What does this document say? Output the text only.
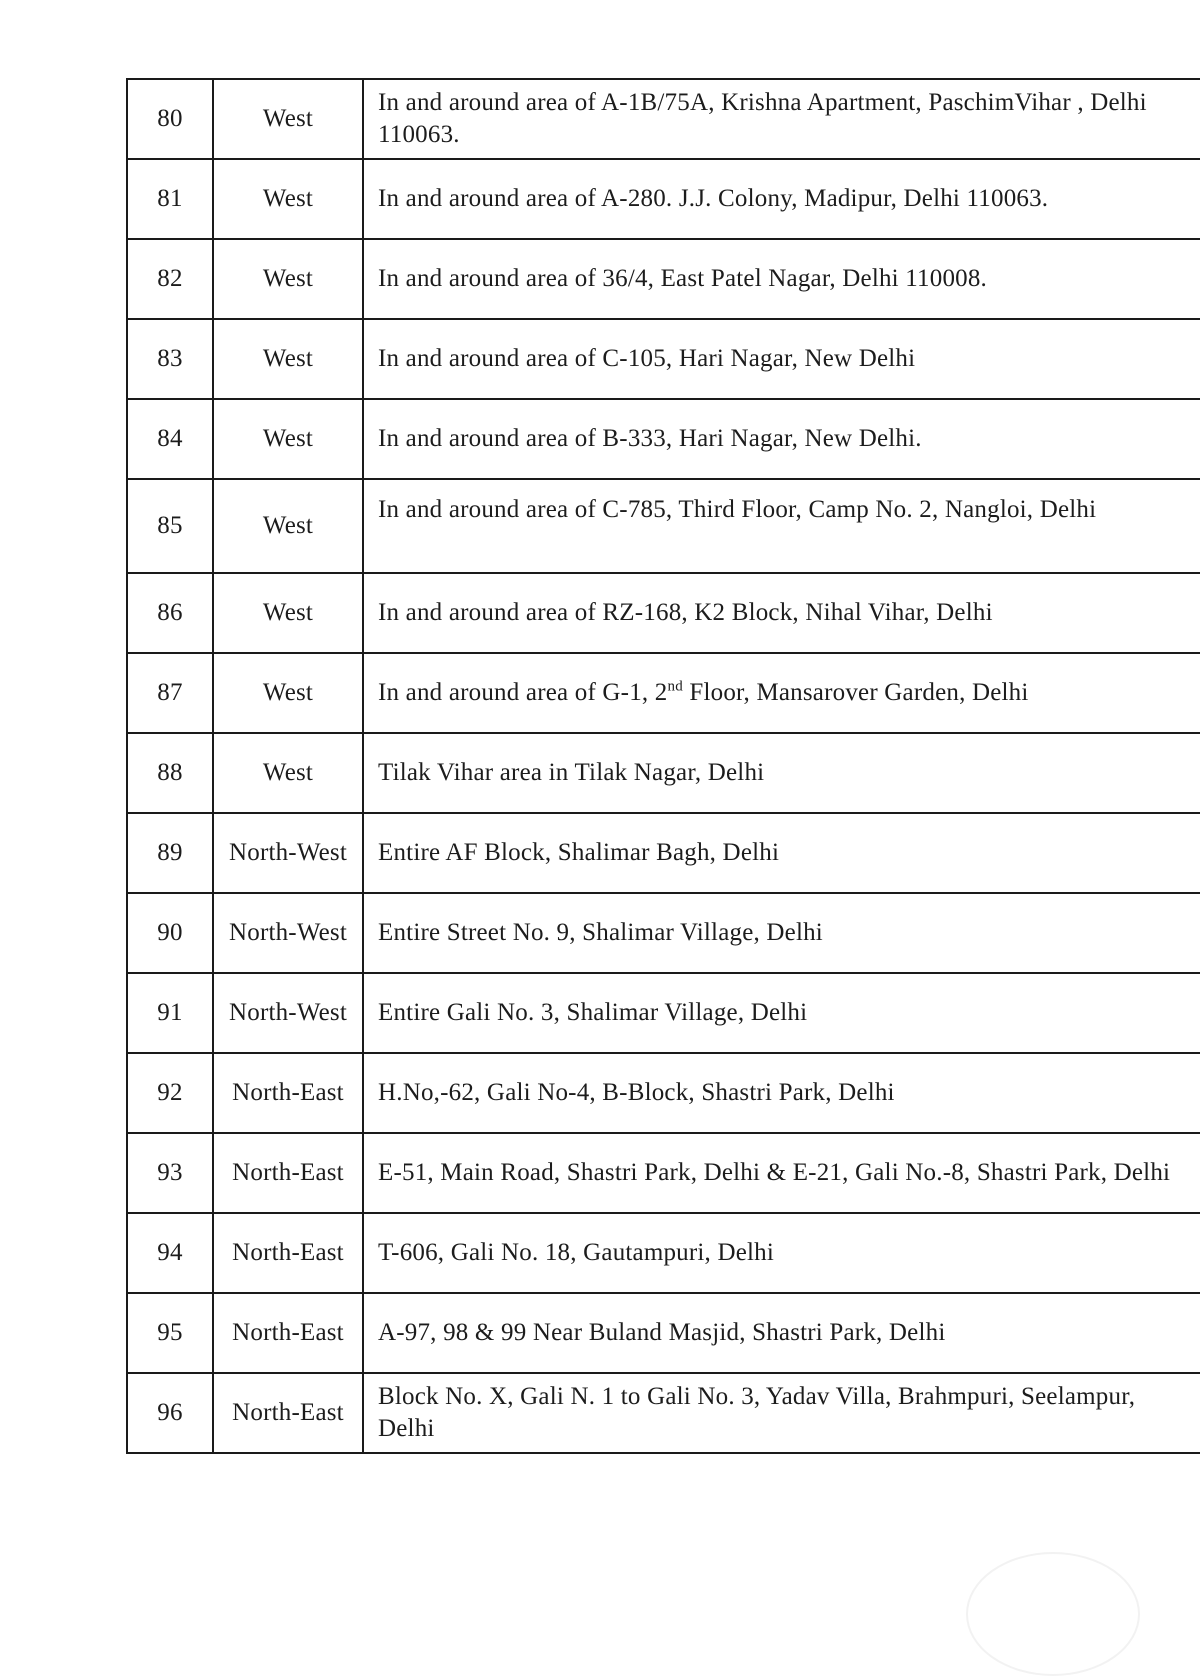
80	West	In and around area of A-1B/75A, Krishna Apartment, PaschimVihar , Delhi 110063.
81	West	In and around area of A-280. J.J. Colony, Madipur, Delhi 110063.
82	West	In and around area of 36/4, East Patel Nagar, Delhi 110008.
83	West	In and around area of C-105, Hari Nagar, New Delhi
84	West	In and around area of B-333, Hari Nagar, New Delhi.
85	West	In and around area of C-785, Third Floor, Camp No. 2, Nangloi, Delhi
86	West	In and around area of RZ-168, K2 Block, Nihal Vihar, Delhi
87	West	In and around area of G-1, 2nd Floor, Mansarover Garden, Delhi
88	West	Tilak Vihar area in Tilak Nagar, Delhi
89	North-West	Entire AF Block, Shalimar Bagh, Delhi
90	North-West	Entire Street No. 9, Shalimar Village, Delhi
91	North-West	Entire Gali No. 3, Shalimar Village, Delhi
92	North-East	H.No,-62, Gali No-4, B-Block, Shastri Park, Delhi
93	North-East	E-51, Main Road, Shastri Park, Delhi & E-21, Gali No.-8, Shastri Park, Delhi
94	North-East	T-606, Gali No. 18, Gautampuri, Delhi
95	North-East	A-97, 98 & 99 Near Buland Masjid, Shastri Park, Delhi
96	North-East	Block No. X, Gali N. 1 to Gali No. 3, Yadav Villa, Brahmpuri, Seelampur, Delhi
